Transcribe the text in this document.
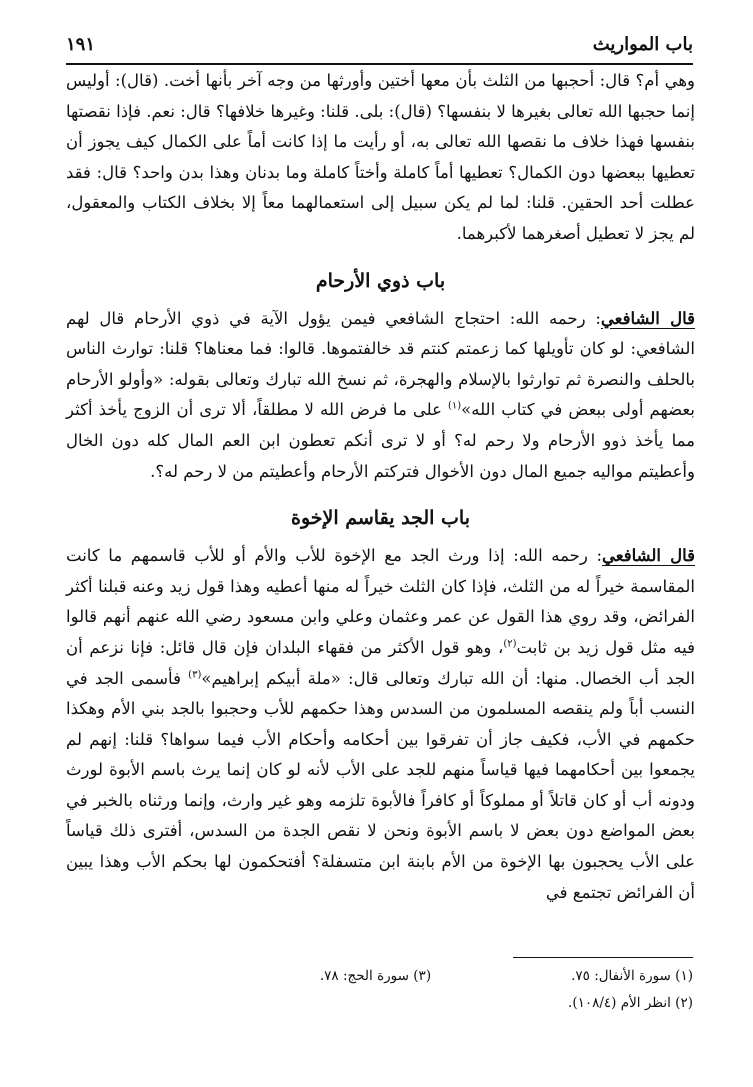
باب المواريث
١٩١

وهي أم؟ قال: أحجبها من الثلث بأن معها أختين وأورثها من وجه آخر بأنها أخت. (قال): أوليس إنما حجبها الله تعالى بغيرها لا بنفسها؟ (قال): بلى. قلنا: وغيرها خلافها؟ قال: نعم. فإذا نقصتها بنفسها فهذا خلاف ما نقصها الله تعالى به، أو رأيت ما إذا كانت أماً على الكمال كيف يجوز أن تعطيها ببعضها دون الكمال؟ تعطيها أماً كاملة وأختاً كاملة وما بدنان وهذا بدن واحد؟ قال: فقد عطلت أحد الحقين. قلنا: لما لم يكن سبيل إلى استعمالهما معاً إلا بخلاف الكتاب والمعقول، لم يجز لا تعطيل أصغرهما لأكبرهما.

باب ذوي الأرحام

قال الشافعي: رحمه الله: احتجاج الشافعي فيمن يؤول الآية في ذوي الأرحام قال لهم الشافعي: لو كان تأويلها كما زعمتم كنتم قد خالفتموها. قالوا: فما معناها؟ قلنا: توارث الناس بالحلف والنصرة ثم توارثوا بالإسلام والهجرة، ثم نسخ الله تبارك وتعالى بقوله: «وأولو الأرحام بعضهم أولى ببعض في كتاب الله»$^{(١)}$ على ما فرض الله لا مطلقاً، ألا ترى أن الزوج يأخذ أكثر مما يأخذ ذوو الأرحام ولا رحم له؟ أو لا ترى أنكم تعطون ابن العم المال كله دون الخال وأعطيتم مواليه جميع المال دون الأخوال فتركتم الأرحام وأعطيتم من لا رحم له؟.

باب الجد يقاسم الإخوة

قال الشافعي: رحمه الله: إذا ورث الجد مع الإخوة للأب والأم أو للأب قاسمهم ما كانت المقاسمة خيراً له من الثلث، فإذا كان الثلث خيراً له منها أعطيه وهذا قول زيد وعنه قبلنا أكثر الفرائض، وقد روي هذا القول عن عمر وعثمان وعلي وابن مسعود رضي الله عنهم أنهم قالوا فيه مثل قول زيد بن ثابت$^{(٢)}$، وهو قول الأكثر من فقهاء البلدان فإن قال قائل: فإنا نزعم أن الجد أب الخصال. منها: أن الله تبارك وتعالى قال: «ملة أبيكم إبراهيم»$^{(٣)}$ فأسمى الجد في النسب أباً ولم ينقصه المسلمون من السدس وهذا حكمهم للأب وحجبوا بالجد بني الأم وهكذا حكمهم في الأب، فكيف جاز أن تفرقوا بين أحكامه وأحكام الأب فيما سواها؟ قلنا: إنهم لم يجمعوا بين أحكامهما فيها قياساً منهم للجد على الأب لأنه لو كان إنما يرث باسم الأبوة لورث ودونه أب أو كان قاتلاً أو مملوكاً أو كافراً فالأبوة تلزمه وهو غير وارث، وإنما ورثناه بالخبر في بعض المواضع دون بعض لا باسم الأبوة ونحن لا نقص الجدة من السدس، أفترى ذلك قياساً على الأب يحجبون بها الإخوة من الأم بابنة ابن متسفلة؟ أفتحكمون لها بحكم الأب وهذا يبين أن الفرائض تجتمع في

(١) سورة الأنفال: ٧٥.
(٣) سورة الحج: ٧٨.
(٢) انظر الأم (١٠٨/٤).
